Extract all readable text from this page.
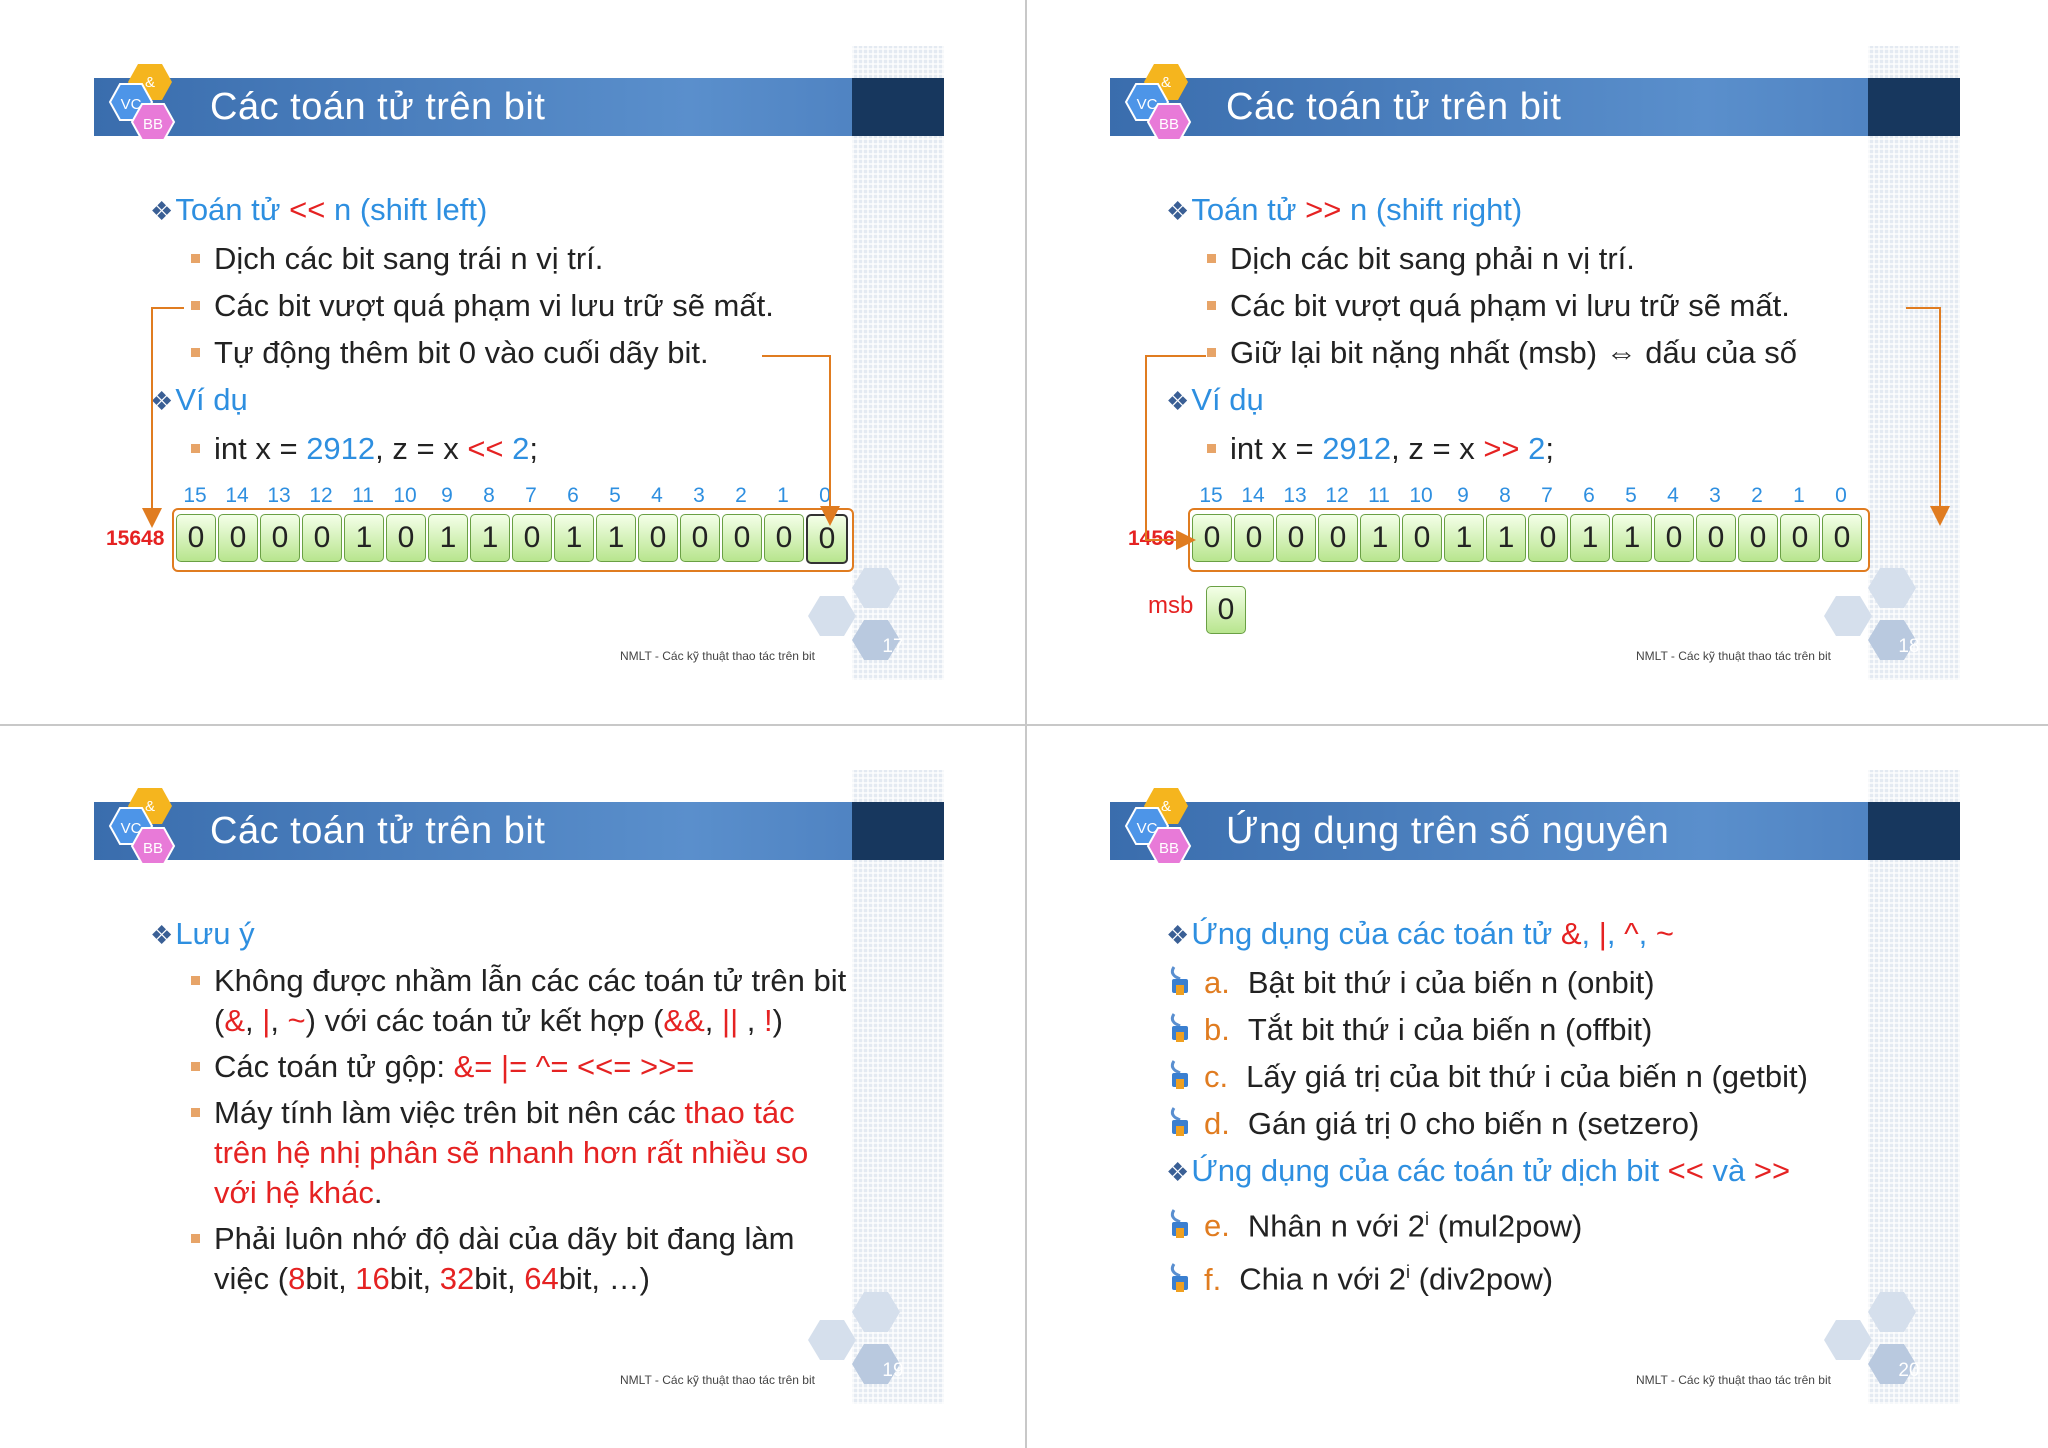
Các toán tử trên bit
&
VC
BB
❖Toán tử << n (shift left)
Dịch các bit sang trái n vị trí.
Các bit vượt quá phạm vi lưu trữ sẽ mất.
Tự động thêm bit 0 vào cuối dãy bit.
❖Ví dụ
int x = 2912, z = x << 2;
15 14 13 12 11 10	9	8	7	6	5	4	3	2	1	0
0 0 0 0 1 0 1 1 0 1 1 0 0 0 0 0
15648
17
NMLT - Các kỹ thuật thao tác trên bit
Các toán tử trên bit
&
VC
BB
❖Toán tử >> n (shift right)
Dịch các bit sang phải n vị trí.
Các bit vượt quá phạm vi lưu trữ sẽ mất.
Giữ lại bit nặng nhất (msb) ⇔ dấu của số
❖Ví dụ
int x = 2912, z = x >> 2;
15 14 13 12 11 10	9	8	7	6	5	4	3	2	1	0
0 0 0 0 1 0 1 1 0 1 1 0 0 0 0 0
1456
msb 0
18
NMLT - Các kỹ thuật thao tác trên bit
Các toán tử trên bit
&
VC
BB
❖Lưu ý
Không được nhầm lẫn các các toán tử trên bit (&, |, ~) với các toán tử kết hợp (&&, || , !)
Các toán tử gộp: &= |= ^= <<= >>=
Máy tính làm việc trên bit nên các thao tác trên hệ nhị phân sẽ nhanh hơn rất nhiều so với hệ khác.
Phải luôn nhớ độ dài của dãy bit đang làm việc (8bit, 16bit, 32bit, 64bit, …)
19
NMLT - Các kỹ thuật thao tác trên bit
Ứng dụng trên số nguyên
&
VC
BB
❖Ứng dụng của các toán tử &, |, ^, ~
a. Bật bit thứ i của biến n (onbit)
b. Tắt bit thứ i của biến n (offbit)
c. Lấy giá trị của bit thứ i của biến n (getbit)
d. Gán giá trị 0 cho biến n (setzero)
❖Ứng dụng của các toán tử dịch bit << và >>
e. Nhân n với 2$^i$ (mul2pow)
f. Chia n với 2$^i$ (div2pow)
20
NMLT - Các kỹ thuật thao tác trên bit
